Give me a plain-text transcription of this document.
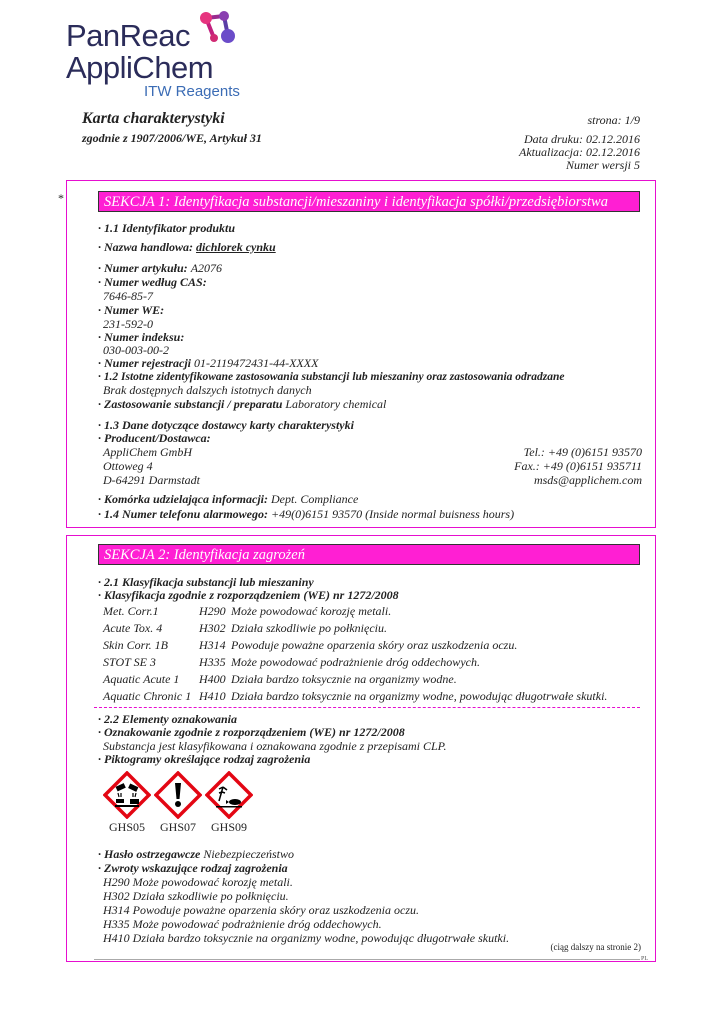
PanReac
AppliChem
ITW Reagents
Karta charakterystyki
zgodnie z 1907/2006/WE, Artykuł 31
strona: 1/9
Data druku: 02.12.2016
Aktualizacja: 02.12.2016
Numer wersji 5
*	SEKCJA 1: Identyfikacja substancji/mieszaniny i identyfikacja spółki/przedsiębiorstwa
· 1.1 Identyfikator produktu
· Nazwa handlowa: dichlorek cynku
· Numer artykułu: A2076
· Numer według CAS:
7646-85-7
· Numer WE:
231-592-0
· Numer indeksu:
030-003-00-2
· Numer rejestracji 01-2119472431-44-XXXX
· 1.2 Istotne zidentyfikowane zastosowania substancji lub mieszaniny oraz zastosowania odradzane
Brak dostępnych dalszych istotnych danych
· Zastosowanie substancji / preparatu Laboratory chemical
· 1.3 Dane dotyczące dostawcy karty charakterystyki
· Producent/Dostawca:
AppliChem GmbH
Ottoweg 4
D-64291 Darmstadt
Tel.: +49 (0)6151 93570
Fax.: +49 (0)6151 935711
msds@applichem.com
· Komórka udzielająca informacji: Dept. Compliance
· 1.4 Numer telefonu alarmowego: +49(0)6151 93570 (Inside normal buisness hours)
SEKCJA 2: Identyfikacja zagrożeń
· 2.1 Klasyfikacja substancji lub mieszaniny
· Klasyfikacja zgodnie z rozporządzeniem (WE) nr 1272/2008
Met. Corr.1	H290 Może powodować korozję metali.
Acute Tox. 4	H302 Działa szkodliwie po połknięciu.
Skin Corr. 1B	H314 Powoduje poważne oparzenia skóry oraz uszkodzenia oczu.
STOT SE 3	H335 Może powodować podrażnienie dróg oddechowych.
Aquatic Acute 1 H400 Działa bardzo toksycznie na organizmy wodne.
Aquatic Chronic 1 H410 Działa bardzo toksycznie na organizmy wodne, powodując długotrwałe skutki.
· 2.2 Elementy oznakowania
· Oznakowanie zgodnie z rozporządzeniem (WE) nr 1272/2008
Substancja jest klasyfikowana i oznakowana zgodnie z przepisami CLP.
· Piktogramy określające rodzaj zagrożenia
GHS05	GHS07	GHS09
· Hasło ostrzegawcze Niebezpieczeństwo
· Zwroty wskazujące rodzaj zagrożenia
H290 Może powodować korozję metali.
H302 Działa szkodliwie po połknięciu.
H314 Powoduje poważne oparzenia skóry oraz uszkodzenia oczu.
H335 Może powodować podrażnienie dróg oddechowych.
H410 Działa bardzo toksycznie na organizmy wodne, powodując długotrwałe skutki.
(ciąg dalszy na stronie 2)
PL
